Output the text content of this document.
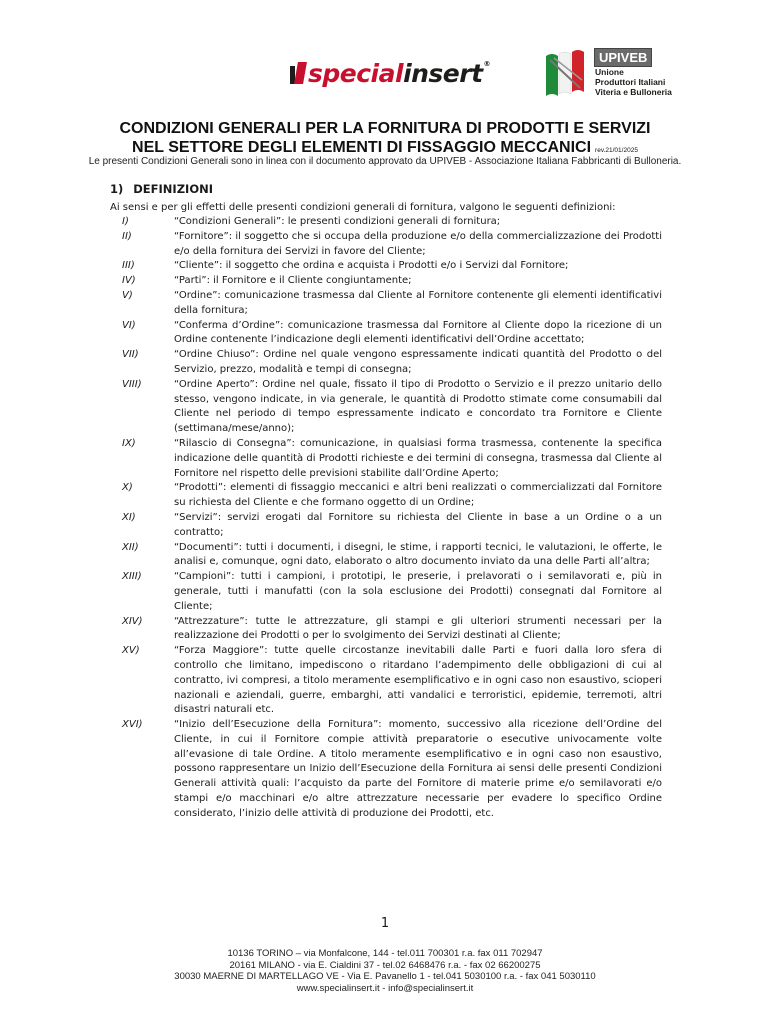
specialinsert®	UPIVEB
Unione
Produttori Italiani
Viteria e Bulloneria
CONDIZIONI GENERALI PER LA FORNITURA DI PRODOTTI E SERVIZI
NEL SETTORE DEGLI ELEMENTI DI FISSAGGIO MECCANICI rev.21/01/2025
Le presenti Condizioni Generali sono in linea con il documento approvato da UPIVEB - Associazione Italiana Fabbricanti di Bulloneria.
1) DEFINIZIONI
Ai sensi e per gli effetti delle presenti condizioni generali di fornitura, valgono le seguenti definizioni:
I)	“Condizioni Generali”: le presenti condizioni generali di fornitura;
II)	“Fornitore”: il soggetto che si occupa della produzione e/o della commercializzazione dei Prodotti e/o della fornitura dei Servizi in favore del Cliente;
III)	“Cliente”: il soggetto che ordina e acquista i Prodotti e/o i Servizi dal Fornitore;
IV)	“Parti”: il Fornitore e il Cliente congiuntamente;
V)	“Ordine”: comunicazione trasmessa dal Cliente al Fornitore contenente gli elementi identificativi della fornitura;
VI)	“Conferma d’Ordine”: comunicazione trasmessa dal Fornitore al Cliente dopo la ricezione di un Ordine contenente l’indicazione degli elementi identificativi dell’Ordine accettato;
VII)	“Ordine Chiuso”: Ordine nel quale vengono espressamente indicati quantità del Prodotto o del Servizio, prezzo, modalità e tempi di consegna;
VIII)	“Ordine Aperto”: Ordine nel quale, fissato il tipo di Prodotto o Servizio e il prezzo unitario dello stesso, vengono indicate, in via generale, le quantità di Prodotto stimate come consumabili dal Cliente nel periodo di tempo espressamente indicato e concordato tra Fornitore e Cliente (settimana/mese/anno);
IX)	“Rilascio di Consegna”: comunicazione, in qualsiasi forma trasmessa, contenente la specifica indicazione delle quantità di Prodotti richieste e dei termini di consegna, trasmessa dal Cliente al Fornitore nel rispetto delle previsioni stabilite dall’Ordine Aperto;
X)	“Prodotti”: elementi di fissaggio meccanici e altri beni realizzati o commercializzati dal Fornitore su richiesta del Cliente e che formano oggetto di un Ordine;
XI)	“Servizi”: servizi erogati dal Fornitore su richiesta del Cliente in base a un Ordine o a un contratto;
XII)	“Documenti”: tutti i documenti, i disegni, le stime, i rapporti tecnici, le valutazioni, le offerte, le analisi e, comunque, ogni dato, elaborato o altro documento inviato da una delle Parti all’altra;
XIII)	“Campioni”: tutti i campioni, i prototipi, le preserie, i prelavorati o i semilavorati e, più in generale, tutti i manufatti (con la sola esclusione dei Prodotti) consegnati dal Fornitore al Cliente;
XIV)	“Attrezzature”: tutte le attrezzature, gli stampi e gli ulteriori strumenti necessari per la realizzazione dei Prodotti o per lo svolgimento dei Servizi destinati al Cliente;
XV)	“Forza Maggiore”: tutte quelle circostanze inevitabili dalle Parti e fuori dalla loro sfera di controllo che limitano, impediscono o ritardano l’adempimento delle obbligazioni di cui al contratto, ivi compresi, a titolo meramente esemplificativo e in ogni caso non esaustivo, scioperi nazionali e aziendali, guerre, embarghi, atti vandalici e terroristici, epidemie, terremoti, altri disastri naturali etc.
XVI)	“Inizio dell’Esecuzione della Fornitura”: momento, successivo alla ricezione dell’Ordine del Cliente, in cui il Fornitore compie attività preparatorie o esecutive univocamente volte all’evasione di tale Ordine. A titolo meramente esemplificativo e in ogni caso non esaustivo, possono rappresentare un Inizio dell’Esecuzione della Fornitura ai sensi delle presenti Condizioni Generali attività quali: l’acquisto da parte del Fornitore di materie prime e/o semilavorati e/o stampi e/o macchinari e/o altre attrezzature necessarie per evadere lo specifico Ordine considerato, l’inizio delle attività di produzione dei Prodotti, etc.
1
10136 TORINO – via Monfalcone, 144 - tel.011 700301 r.a. fax 011 702947
20161 MILANO - via E. Cialdini 37 - tel.02 6468476 r.a. - fax 02 66200275
30030 MAERNE DI MARTELLAGO VE - Via E. Pavanello 1 - tel.041 5030100 r.a. - fax 041 5030110
www.specialinsert.it - info@specialinsert.it
